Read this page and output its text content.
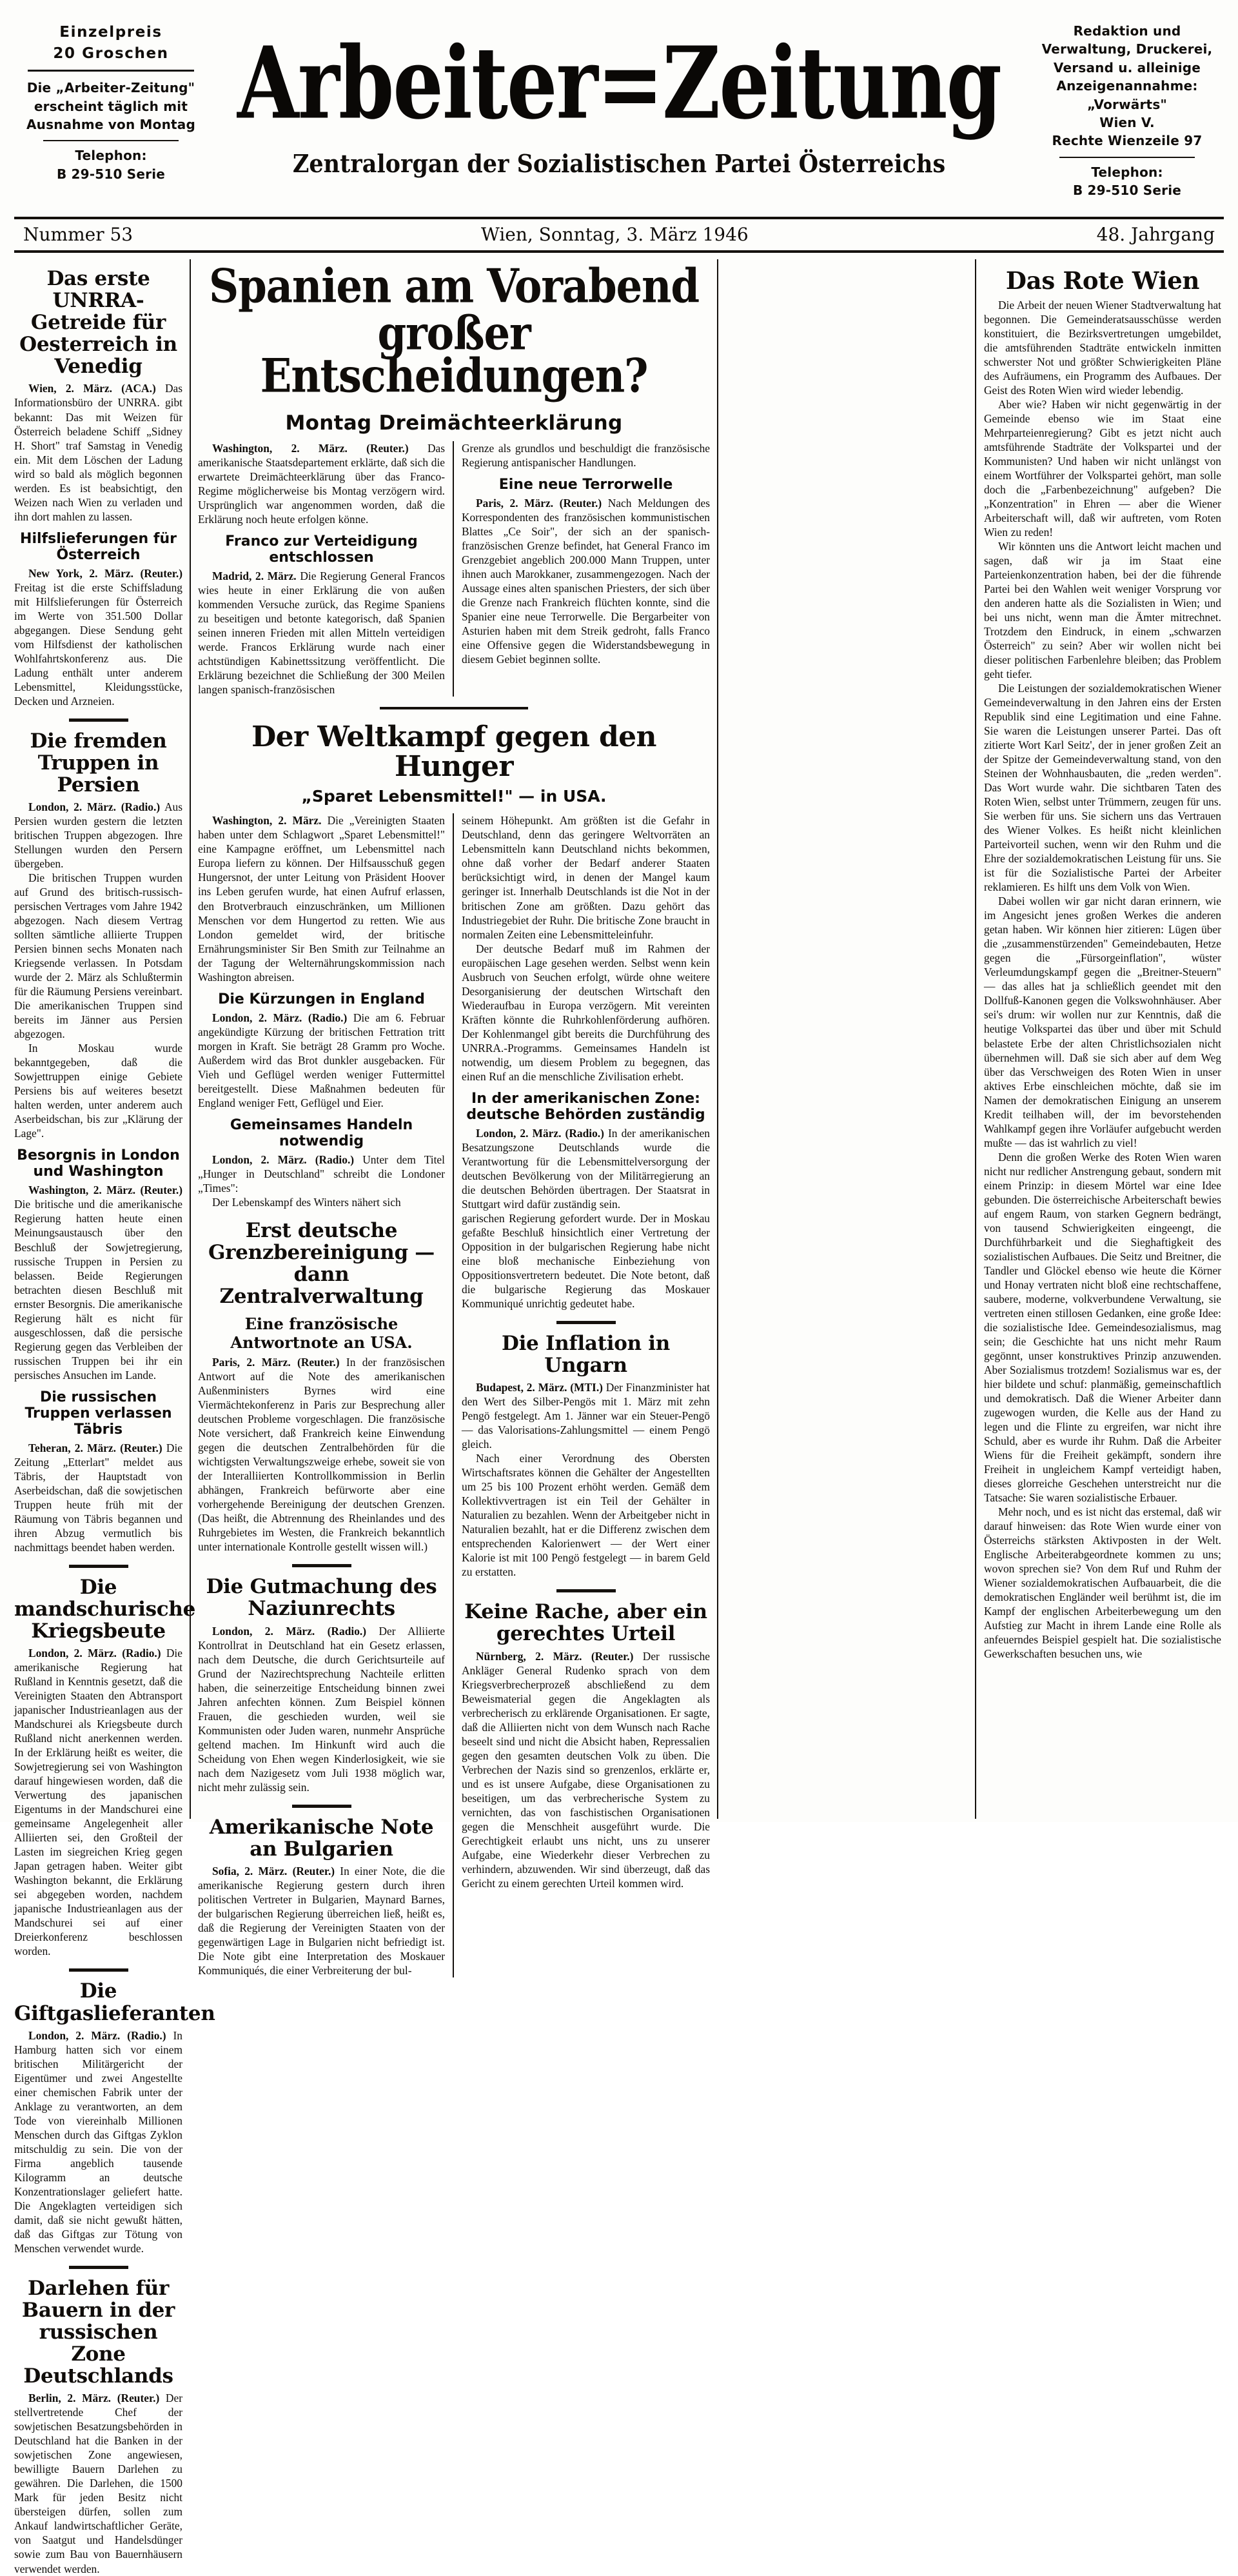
Einzelpreis

20 Groschen

Die „Arbeiter-Zeitung" erscheint täglich mit Ausnahme von Montag

Telephon:

B 29-510 Serie

Arbeiter=Zeitung
Zentralorgan der Sozialistischen Partei Österreichs

Redaktion und Verwaltung, Druckerei, Versand u. alleinige Anzeigenannahme:

„Vorwärts"

Wien V.

Rechte Wienzeile 97

Telephon:

B 29-510 Serie

Nummer 53	Wien, Sonntag, 3. März 1946	48. Jahrgang
Das erste UNRRA-Getreide für Oesterreich in Venedig

Wien, 2. März. (ACA.) Das Informationsbüro der UNRRA. gibt bekannt: Das mit Weizen für Österreich beladene Schiff „Sidney H. Short" traf Samstag in Venedig ein. Mit dem Löschen der Ladung wird so bald als möglich begonnen werden. Es ist beabsichtigt, den Weizen nach Wien zu verladen und ihn dort mahlen zu lassen.

Hilfslieferungen für Österreich

New York, 2. März. (Reuter.) Freitag ist die erste Schiffsladung mit Hilfslieferungen für Österreich im Werte von 351.500 Dollar abgegangen. Diese Sendung geht vom Hilfsdienst der katholischen Wohlfahrtskonferenz aus. Die Ladung enthält unter anderem Lebensmittel, Kleidungsstücke, Decken und Arzneien.

Die fremden Truppen in Persien

London, 2. März. (Radio.) Aus Persien wurden gestern die letzten britischen Truppen abgezogen. Ihre Stellungen wurden den Persern übergeben.

Die britischen Truppen wurden auf Grund des britisch-russisch-persischen Vertrages vom Jahre 1942 abgezogen. Nach diesem Vertrag sollten sämtliche alliierte Truppen Persien binnen sechs Monaten nach Kriegsende verlassen. In Potsdam wurde der 2. März als Schlußtermin für die Räumung Persiens vereinbart. Die amerikanischen Truppen sind bereits im Jänner aus Persien abgezogen.

In Moskau wurde bekanntgegeben, daß die Sowjettruppen einige Gebiete Persiens bis auf weiteres besetzt halten werden, unter anderem auch Aserbeidschan, bis zur „Klärung der Lage".

Besorgnis in London und Washington

Washington, 2. März. (Reuter.) Die britische und die amerikanische Regierung hatten heute einen Meinungsaustausch über den Beschluß der Sowjetregierung, russische Truppen in Persien zu belassen. Beide Regierungen betrachten diesen Beschluß mit ernster Besorgnis. Die amerikanische Regierung hält es nicht für ausgeschlossen, daß die persische Regierung gegen das Verbleiben der russischen Truppen bei ihr ein persisches Ansuchen im Lande.

Die russischen Truppen verlassen Täbris

Teheran, 2. März. (Reuter.) Die Zeitung „Etterlart" meldet aus Täbris, der Hauptstadt von Aserbeidschan, daß die sowjetischen Truppen heute früh mit der Räumung von Täbris begannen und ihren Abzug vermutlich bis nachmittags beendet haben werden.

Die mandschurische Kriegsbeute

London, 2. März. (Radio.) Die amerikanische Regierung hat Rußland in Kenntnis gesetzt, daß die Vereinigten Staaten den Abtransport japanischer Industrieanlagen aus der Mandschurei als Kriegsbeute durch Rußland nicht anerkennen werden. In der Erklärung heißt es weiter, die Sowjetregierung sei von Washington darauf hingewiesen worden, daß die Verwertung des japanischen Eigentums in der Mandschurei eine gemeinsame Angelegenheit aller Alliierten sei, den Großteil der Lasten im siegreichen Krieg gegen Japan getragen haben. Weiter gibt Washington bekannt, die Erklärung sei abgegeben worden, nachdem japanische Industrieanlagen aus der Mandschurei sei auf einer Dreierkonferenz beschlossen worden.

Die Giftgaslieferanten

London, 2. März. (Radio.) In Hamburg hatten sich vor einem britischen Militärgericht der Eigentümer und zwei Angestellte einer chemischen Fabrik unter der Anklage zu verantworten, an dem Tode von viereinhalb Millionen Menschen durch das Giftgas Zyklon mitschuldig zu sein. Die von der Firma angeblich tausende Kilogramm an deutsche Konzentrationslager geliefert hatte. Die Angeklagten verteidigen sich damit, daß sie nicht gewußt hätten, daß das Giftgas zur Tötung von Menschen verwendet wurde.

Darlehen für Bauern in der russischen Zone Deutschlands

Berlin, 2. März. (Reuter.) Der stellvertretende Chef der sowjetischen Besatzungsbehörden in Deutschland hat die Banken in der sowjetischen Zone angewiesen, bewilligte Bauern Darlehen zu gewähren. Die Darlehen, die 1500 Mark für jeden Besitz nicht übersteigen dürfen, sollen zum Ankauf landwirtschaftlicher Geräte, von Saatgut und Handelsdünger sowie zum Bau von Bauernhäusern verwendet werden.

Spanien am Vorabend großer
Entscheidungen?
Montag Dreimächteerklärung

Washington, 2. März. (Reuter.) Das amerikanische Staatsdepartement erklärte, daß sich die erwartete Dreimächteerklärung über das Franco-Regime möglicherweise bis Montag verzögern wird. Ursprünglich war angenommen worden, daß die Erklärung noch heute erfolgen könne.

Franco zur Verteidigung entschlossen

Madrid, 2. März. Die Regierung General Francos wies heute in einer Erklärung die von außen kommenden Versuche zurück, das Regime Spaniens zu beseitigen und betonte kategorisch, daß Spanien seinen inneren Frieden mit allen Mitteln verteidigen werde. Francos Erklärung wurde nach einer achtstündigen Kabinettssitzung veröffentlicht. Die Erklärung bezeichnet die Schließung der 300 Meilen langen spanisch-französischen

Grenze als grundlos und beschuldigt die französische Regierung antispanischer Handlungen.

Eine neue Terrorwelle

Paris, 2. März. (Reuter.) Nach Meldungen des Korrespondenten des französischen kommunistischen Blattes „Ce Soir", der sich an der spanisch-französischen Grenze befindet, hat General Franco im Grenzgebiet angeblich 200.000 Mann Truppen, unter ihnen auch Marokkaner, zusammengezogen. Nach der Aussage eines alten spanischen Priesters, der sich über die Grenze nach Frankreich flüchten konnte, sind die Spanier eine neue Terrorwelle. Die Bergarbeiter von Asturien haben mit dem Streik gedroht, falls Franco eine Offensive gegen die Widerstandsbewegung in diesem Gebiet beginnen sollte.

Der Weltkampf gegen den Hunger
„Sparet Lebensmittel!" — in USA.

Washington, 2. März. Die „Vereinigten Staaten haben unter dem Schlagwort „Sparet Lebensmittel!" eine Kampagne eröffnet, um Lebensmittel nach Europa liefern zu können. Der Hilfsausschuß gegen Hungersnot, der unter Leitung von Präsident Hoover ins Leben gerufen wurde, hat einen Aufruf erlassen, den Brotverbrauch einzuschränken, um Millionen Menschen vor dem Hungertod zu retten. Wie aus London gemeldet wird, der britische Ernährungsminister Sir Ben Smith zur Teilnahme an der Tagung der Welternährungskommission nach Washington abreisen.

Die Kürzungen in England

London, 2. März. (Radio.) Die am 6. Februar angekündigte Kürzung der britischen Fettration tritt morgen in Kraft. Sie beträgt 28 Gramm pro Woche. Außerdem wird das Brot dunkler ausgebacken. Für Vieh und Geflügel werden weniger Futtermittel bereitgestellt. Diese Maßnahmen bedeuten für England weniger Fett, Geflügel und Eier.

Gemeinsames Handeln notwendig

London, 2. März. (Radio.) Unter dem Titel „Hunger in Deutschland" schreibt die Londoner „Times":

Der Lebenskampf des Winters nähert sich

seinem Höhepunkt. Am größten ist die Gefahr in Deutschland, denn das geringere Weltvorräten an Lebensmitteln kann Deutschland nichts bekommen, ohne daß vorher der Bedarf anderer Staaten berücksichtigt wird, in denen der Mangel kaum geringer ist. Innerhalb Deutschlands ist die Not in der britischen Zone am größten. Dazu gehört das Industriegebiet der Ruhr. Die britische Zone braucht in normalen Zeiten eine Lebensmitteleinfuhr.

Der deutsche Bedarf muß im Rahmen der europäischen Lage gesehen werden. Selbst wenn kein Ausbruch von Seuchen erfolgt, würde ohne weitere Desorganisierung der deutschen Wirtschaft den Wiederaufbau in Europa verzögern. Mit vereinten Kräften könnte die Ruhrkohlenförderung aufhören. Der Kohlenmangel gibt bereits die Durchführung des UNRRA.-Programms. Gemeinsames Handeln ist notwendig, um diesem Problem zu begegnen, das einen Ruf an die menschliche Zivilisation erhebt.

In der amerikanischen Zone: deutsche Behörden zuständig

London, 2. März. (Radio.) In der amerikanischen Besatzungszone Deutschlands wurde die Verantwortung für die Lebensmittelversorgung der deutschen Bevölkerung von der Militärregierung an die deutschen Behörden übertragen. Der Staatsrat in Stuttgart wird dafür zuständig sein.

Erst deutsche Grenzbereinigung — dann Zentralverwaltung
Eine französische Antwortnote an USA.

Paris, 2. März. (Reuter.) In der französischen Antwort auf die Note des amerikanischen Außenministers Byrnes wird eine Viermächtekonferenz in Paris zur Besprechung aller deutschen Probleme vorgeschlagen. Die französische Note versichert, daß Frankreich keine Einwendung gegen die deutschen Zentralbehörden für die wichtigsten Verwaltungszweige erhebe, soweit sie von der Interalliierten Kontrollkommission in Berlin abhängen, Frankreich befürworte aber eine vorhergehende Bereinigung der deutschen Grenzen. (Das heißt, die Abtrennung des Rheinlandes und des Ruhrgebietes im Westen, die Frankreich bekanntlich unter internationale Kontrolle gestellt wissen will.)

Die Gutmachung des Naziunrechts

London, 2. März. (Radio.) Der Alliierte Kontrollrat in Deutschland hat ein Gesetz erlassen, nach dem Deutsche, die durch Gerichtsurteile auf Grund der Nazirechtsprechung Nachteile erlitten haben, die seinerzeitige Entscheidung binnen zwei Jahren anfechten können. Zum Beispiel können Frauen, die geschieden wurden, weil sie Kommunisten oder Juden waren, nunmehr Ansprüche geltend machen. Im Hinkunft wird auch die Scheidung von Ehen wegen Kinderlosigkeit, wie sie nach dem Nazigesetz vom Juli 1938 möglich war, nicht mehr zulässig sein.

Amerikanische Note an Bulgarien

Sofia, 2. März. (Reuter.) In einer Note, die die amerikanische Regierung gestern durch ihren politischen Vertreter in Bulgarien, Maynard Barnes, der bulgarischen Regierung überreichen ließ, heißt es, daß die Regierung der Vereinigten Staaten von der gegenwärtigen Lage in Bulgarien nicht befriedigt ist. Die Note gibt eine Interpretation des Moskauer Kommuniqués, die einer Verbreiterung der bul-

garischen Regierung gefordert wurde. Der in Moskau gefaßte Beschluß hinsichtlich einer Vertretung der Opposition in der bulgarischen Regierung habe nicht eine bloß mechanische Einbeziehung von Oppositionsvertretern bedeutet. Die Note betont, daß die bulgarische Regierung das Moskauer Kommuniqué unrichtig gedeutet habe.

Die Inflation in Ungarn

Budapest, 2. März. (MTI.) Der Finanzminister hat den Wert des Silber-Pengös mit 1. März mit zehn Pengö festgelegt. Am 1. Jänner war ein Steuer-Pengö — das Valorisations-Zahlungsmittel — einem Pengö gleich.

Nach einer Verordnung des Obersten Wirtschaftsrates können die Gehälter der Angestellten um 25 bis 100 Prozent erhöht werden. Gemäß dem Kollektivvertragen ist ein Teil der Gehälter in Naturalien zu bezahlen. Wenn der Arbeitgeber nicht in Naturalien bezahlt, hat er die Differenz zwischen dem entsprechenden Kalorienwert — der Wert einer Kalorie ist mit 100 Pengö festgelegt — in barem Geld zu erstatten.

Keine Rache, aber ein gerechtes Urteil

Nürnberg, 2. März. (Reuter.) Der russische Ankläger General Rudenko sprach von dem Kriegsverbrecherprozeß abschließend zu dem Beweismaterial gegen die Angeklagten als verbrecherisch zu erklärende Organisationen. Er sagte, daß die Alliierten nicht von dem Wunsch nach Rache beseelt sind und nicht die Absicht haben, Repressalien gegen den gesamten deutschen Volk zu üben. Die Verbrechen der Nazis sind so grenzenlos, erklärte er, und es ist unsere Aufgabe, diese Organisationen zu beseitigen, um das verbrecherische System zu vernichten, das von faschistischen Organisationen gegen die Menschheit ausgeführt wurde. Die Gerechtigkeit erlaubt uns nicht, uns zu unserer Aufgabe, eine Wiederkehr dieser Verbrechen zu verhindern, abzuwenden. Wir sind überzeugt, daß das Gericht zu einem gerechten Urteil kommen wird.

Das Rote Wien

Die Arbeit der neuen Wiener Stadtverwaltung hat begonnen. Die Gemeinderatsausschüsse werden konstituiert, die Bezirksvertretungen umgebildet, die amtsführenden Stadträte entwickeln inmitten schwerster Not und größter Schwierigkeiten Pläne des Aufräumens, ein Programm des Aufbaues. Der Geist des Roten Wien wird wieder lebendig.

Aber wie? Haben wir nicht gegenwärtig in der Gemeinde ebenso wie im Staat eine Mehrparteienregierung? Gibt es jetzt nicht auch amtsführende Stadträte der Volkspartei und der Kommunisten? Und haben wir nicht unlängst von einem Wortführer der Volkspartei gehört, man solle doch die „Farbenbezeichnung" aufgeben? Die „Konzentration" in Ehren — aber die Wiener Arbeiterschaft will, daß wir auftreten, vom Roten Wien zu reden!

Wir könnten uns die Antwort leicht machen und sagen, daß wir ja im Staat eine Parteienkonzentration haben, bei der die führende Partei bei den Wahlen weit weniger Vorsprung vor den anderen hatte als die Sozialisten in Wien; und bei uns nicht, wenn man die Ämter mitrechnet. Trotzdem den Eindruck, in einem „schwarzen Österreich" zu sein? Aber wir wollen nicht bei dieser politischen Farbenlehre bleiben; das Problem geht tiefer.

Die Leistungen der sozialdemokratischen Wiener Gemeindeverwaltung in den Jahren eins der Ersten Republik sind eine Legitimation und eine Fahne. Sie waren die Leistungen unserer Partei. Das oft zitierte Wort Karl Seitz', der in jener großen Zeit an der Spitze der Gemeindeverwaltung stand, von den Steinen der Wohnhausbauten, die „reden werden". Das Wort wurde wahr. Die sichtbaren Taten des Roten Wien, selbst unter Trümmern, zeugen für uns. Sie werben für uns. Sie sichern uns das Vertrauen des Wiener Volkes. Es heißt nicht kleinlichen Parteivorteil suchen, wenn wir den Ruhm und die Ehre der sozialdemokratischen Leistung für uns. Sie ist für die Sozialistische Partei der Arbeiter reklamieren. Es hilft uns dem Volk von Wien.

Dabei wollen wir gar nicht daran erinnern, wie im Angesicht jenes großen Werkes die anderen getan haben. Wir können hier zitieren: Lügen über die „zusammenstürzenden" Gemeindebauten, Hetze gegen die „Fürsorgeinflation", wüster Verleumdungskampf gegen die „Breitner-Steuern" — das alles hat ja schließlich geendet mit den Dollfuß-Kanonen gegen die Volkswohnhäuser. Aber sei's drum: wir wollen nur zur Kenntnis, daß die heutige Volkspartei das über und über mit Schuld belastete Erbe der alten Christlichsozialen nicht übernehmen will. Daß sie sich aber auf dem Weg über das Verschweigen des Roten Wien in unser aktives Erbe einschleichen möchte, daß sie im Namen der demokratischen Einigung an unserem Kredit teilhaben will, der im bevorstehenden Wahlkampf gegen ihre Vorläufer aufgebucht werden mußte — das ist wahrlich zu viel!

Denn die großen Werke des Roten Wien waren nicht nur redlicher Anstrengung gebaut, sondern mit einem Prinzip: in diesem Mörtel war eine Idee gebunden. Die österreichische Arbeiterschaft bewies auf engem Raum, von starken Gegnern bedrängt, von tausend Schwierigkeiten eingeengt, die Durchführbarkeit und die Sieghaftigkeit des sozialistischen Aufbaues. Die Seitz und Breitner, die Tandler und Glöckel ebenso wie heute die Körner und Honay vertraten nicht bloß eine rechtschaffene, saubere, moderne, volkverbundene Verwaltung, sie vertreten einen stillosen Gedanken, eine große Idee: die sozialistische Idee. Gemeindesozialismus, mag sein; die Geschichte hat uns nicht mehr Raum gegönnt, unser konstruktives Prinzip anzuwenden. Aber Sozialismus trotzdem! Sozialismus war es, der hier bildete und schuf: planmäßig, gemeinschaftlich und demokratisch. Daß die Wiener Arbeiter dann zugewogen wurden, die Kelle aus der Hand zu legen und die Flinte zu ergreifen, war nicht ihre Schuld, aber es wurde ihr Ruhm. Daß die Arbeiter Wiens für die Freiheit gekämpft, sondern ihre Freiheit in ungleichem Kampf verteidigt haben, dieses glorreiche Geschehen unterstreicht nur die Tatsache: Sie waren sozialistische Erbauer.

Mehr noch, und es ist nicht das erstemal, daß wir darauf hinweisen: das Rote Wien wurde einer von Österreichs stärksten Aktivposten in der Welt. Englische Arbeiterabgeordnete kommen zu uns; wovon sprechen sie? Von dem Ruf und Ruhm der Wiener sozialdemokratischen Aufbauarbeit, die die demokratischen Engländer weil berühmt ist, die im Kampf der englischen Arbeiterbewegung um den Aufstieg zur Macht in ihrem Lande eine Rolle als anfeuerndes Beispiel gespielt hat. Die sozialistische Gewerkschaften besuchen uns, wie
